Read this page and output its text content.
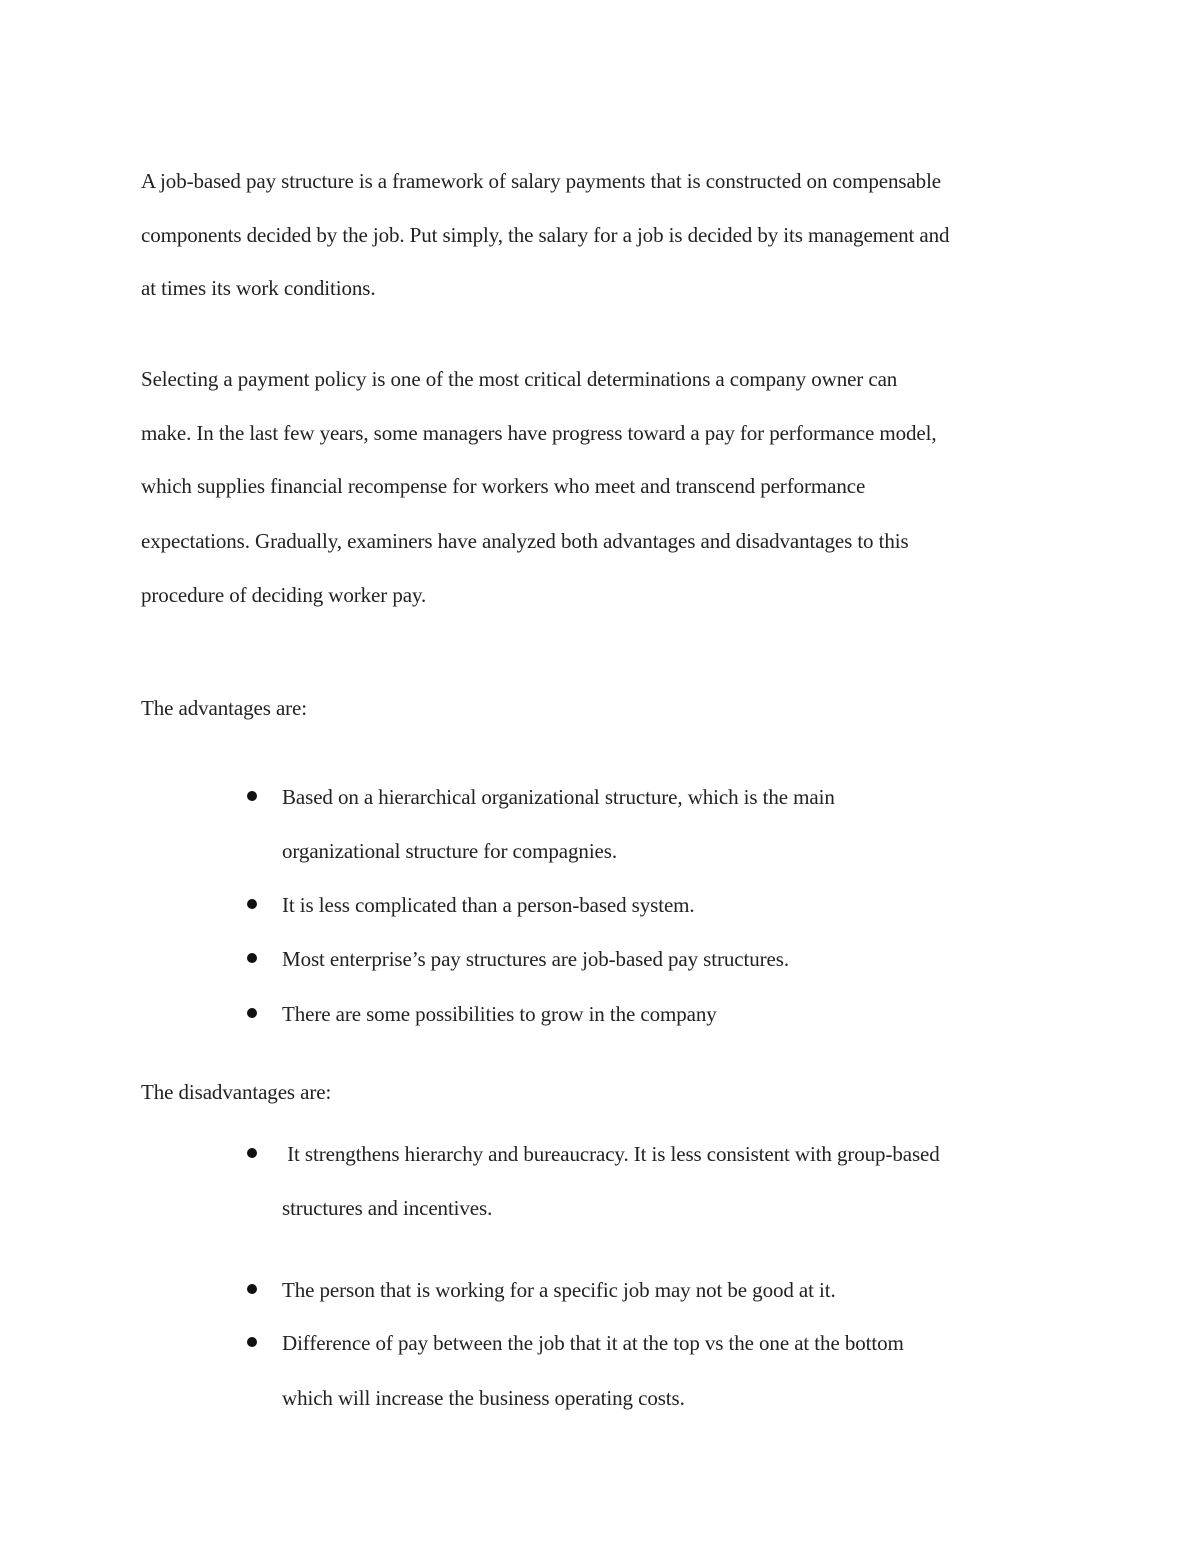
A job-based pay structure is a framework of salary payments that is constructed on compensable
components decided by the job. Put simply, the salary for a job is decided by its management and
at times its work conditions.
Selecting a payment policy is one of the most critical determinations a company owner can
make. In the last few years, some managers have progress toward a pay for performance model,
which supplies financial recompense for workers who meet and transcend performance
expectations. Gradually, examiners have analyzed both advantages and disadvantages to this
procedure of deciding worker pay.
The advantages are:
Based on a hierarchical organizational structure, which is the main
organizational structure for compagnies.
It is less complicated than a person-based system.
Most enterprise’s pay structures are job-based pay structures.
There are some possibilities to grow in the company
The disadvantages are:
It strengthens hierarchy and bureaucracy. It is less consistent with group-based
structures and incentives.
The person that is working for a specific job may not be good at it.
Difference of pay between the job that it at the top vs the one at the bottom
which will increase the business operating costs.
